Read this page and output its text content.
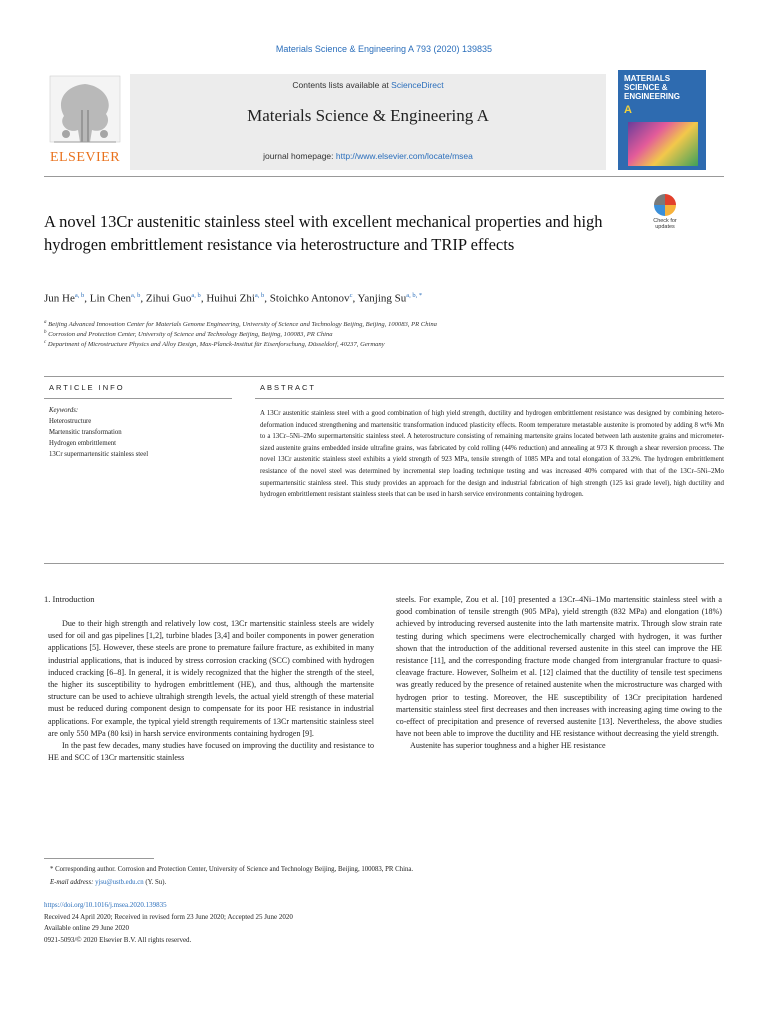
Materials Science & Engineering A 793 (2020) 139835
Contents lists available at ScienceDirect
Materials Science & Engineering A
journal homepage: http://www.elsevier.com/locate/msea
ELSEVIER
MATERIALS SCIENCE & ENGINEERING
A
A novel 13Cr austenitic stainless steel with excellent mechanical properties and high hydrogen embrittlement resistance via heterostructure and TRIP effects
Check for updates
Jun He$^{a, b}$, Lin Chen$^{a, b}$, Zihui Guo$^{a, b}$, Huihui Zhi$^{a, b}$, Stoichko Antonov$^c$, Yanjing $Su^{a, b, *}$
$^a$ Beijing Advanced Innovation Center for Materials Genome Engineering, University of Science and Technology Beijing, Beijing, 100083, PR China
$^b$ Corrosion and Protection Center, University of Science and Technology Beijing, Beijing, 100083, PR China
$^c$ Department of Microstructure Physics and Alloy Design, Max-Planck-Institut für Eisenforschung, Düsseldorf, 40237, Germany
ARTICLE INFO	ABSTRACT
Keywords:
Heterostructure
Martensitic transformation
Hydrogen embrittlement
13Cr supermartensitic stainless steel
A 13Cr austenitic stainless steel with a good combination of high yield strength, ductility and hydrogen embrittlement resistance was designed by combining hetero-deformation induced strengthening and martensitic transformation induced plasticity effects. Room temperature metastable austenite is promoted by adding 8 wt% Mn to a 13Cr–5Ni–2Mo supermartensitic stainless steel. A heterostructure consisting of remaining martensite grains located between lath austenite grains and micrometer-sized austenite grains embedded inside ultrafine grains, was fabricated by cold rolling (44% reduction) and annealing at 973 K through a shear reversion process. The novel 13Cr austenitic stainless steel exhibits a yield strength of 923 MPa, tensile strength of 1085 MPa and total elongation of 33.2%. The hydrogen embrittlement resistance of the novel steel was determined by incremental step loading technique testing and was increased 40% compared with that of the 13Cr–5Ni–2Mo supermartensitic stainless steel. This study provides an approach for the design and industrial fabrication of high strength (125 ksi grade level), high ductility and hydrogen embrittlement resistant stainless steels that can be used in harsh service environments containing hydrogen.
1. Introduction

Due to their high strength and relatively low cost, 13Cr martensitic stainless steels are widely used for oil and gas pipelines [1,2], turbine blades [3,4] and boiler components in power generation applications [5]. However, these steels are prone to premature failure fracture, as exhibited in many industrial applications, that is induced by stress corrosion cracking (SCC) combined with hydrogen induced cracking [6–8]. In general, it is widely recognized that the higher the strength of the steel, the higher its susceptibility to hydrogen embrittlement (HE), and thus, although the martensite structure can be used to achieve ultrahigh strength levels, the actual yield strength of these material must be reduced during component design to compensate for its poor HE resistance in industrial applications. For example, the typical yield strength requirements of 13Cr martensitic stainless steel are only 550 MPa (80 ksi) in harsh service environments containing hydrogen [9].

In the past few decades, many studies have focused on improving the ductility and resistance to HE and SCC of 13Cr martensitic stainless

steels. For example, Zou et al. [10] presented a 13Cr–4Ni–1Mo martensitic stainless steel with a good combination of tensile strength (905 MPa), yield strength (832 MPa) and elongation (18%) achieved by introducing reversed austenite into the lath martensite matrix. Through slow strain rate testing during which specimens were electrochemically charged with hydrogen, it was further shown that the introduction of the additional reversed austenite in this steel can improve the HE resistance [11], and the corresponding fracture mode changed from intergranular fracture to quasi-cleavage fracture. However, Solheim et al. [12] claimed that the ductility of tensile test specimens was greatly reduced by the presence of retained austenite when the microstructure was charged with hydrogen prior to testing. Moreover, the HE susceptibility of 13Cr precipitation hardened martensitic stainless steel first decreases and then increases with increasing aging time owing to the co-effect of precipitation and presence of reversed austenite [13]. Nevertheless, the above studies have not been able to improve the ductility and HE resistance without decreasing the yield strength.

Austenite has superior toughness and a higher HE resistance

* Corresponding author. Corrosion and Protection Center, University of Science and Technology Beijing, Beijing, 100083, PR China.
E-mail address: yjsu@ustb.edu.cn (Y. Su).
https://doi.org/10.1016/j.msea.2020.139835
Received 24 April 2020; Received in revised form 23 June 2020; Accepted 25 June 2020
Available online 29 June 2020
0921-5093/© 2020 Elsevier B.V. All rights reserved.
